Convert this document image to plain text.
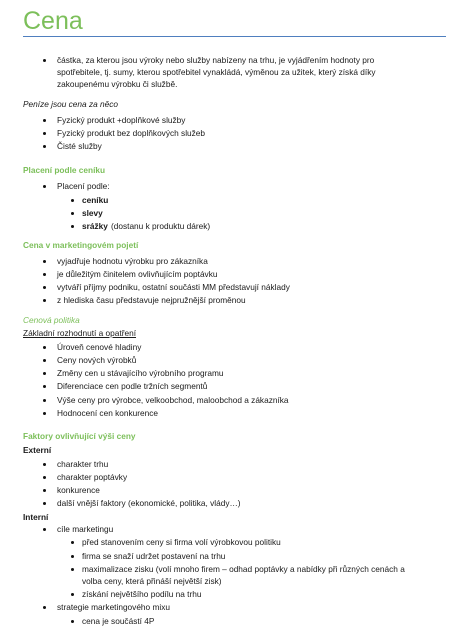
Cena
částka, za kterou jsou výroky nebo služby nabízeny na trhu, je vyjádřením hodnoty pro
spotřebitele, tj. sumy, kterou spotřebitel vynakládá, výměnou za užitek, který získá díky
zakoupenému výrobku či službě.
Peníze jsou cena za něco
Fyzický produkt +doplňkové služby
Fyzický produkt bez doplňkových služeb
Čisté služby
Placení podle ceníku
Placení podle:
ceníku
slevy
srážky (dostanu k produktu dárek)
Cena v marketingovém pojetí
vyjadřuje hodnotu výrobku pro zákazníka
je důležitým činitelem ovlivňujícím poptávku
vytváří příjmy podniku, ostatní součásti MM představují náklady
z hlediska času představuje nejpružnější proměnou
Cenová politika
Základní rozhodnutí a opatření
Úroveň cenové hladiny
Ceny nových výrobků
Změny cen u stávajícího výrobního programu
Diferenciace cen podle tržních segmentů
Výše ceny pro výrobce, velkoobchod, maloobchod a zákazníka
Hodnocení cen konkurence
Faktory ovlivňující výši ceny
Externí
charakter trhu
charakter poptávky
konkurence
další vnější faktory (ekonomické, politika, vlády…)
Interní
cíle marketingu
před stanovením ceny si firma volí výrobkovou politiku
firma se snaží udržet postavení na trhu
maximalizace zisku (volí mnoho firem – odhad poptávky a nabídky při různých cenách a
volba ceny, která přináší největší zisk)
získání největšího podílu na trhu
strategie marketingového mixu
cena je součástí 4P
